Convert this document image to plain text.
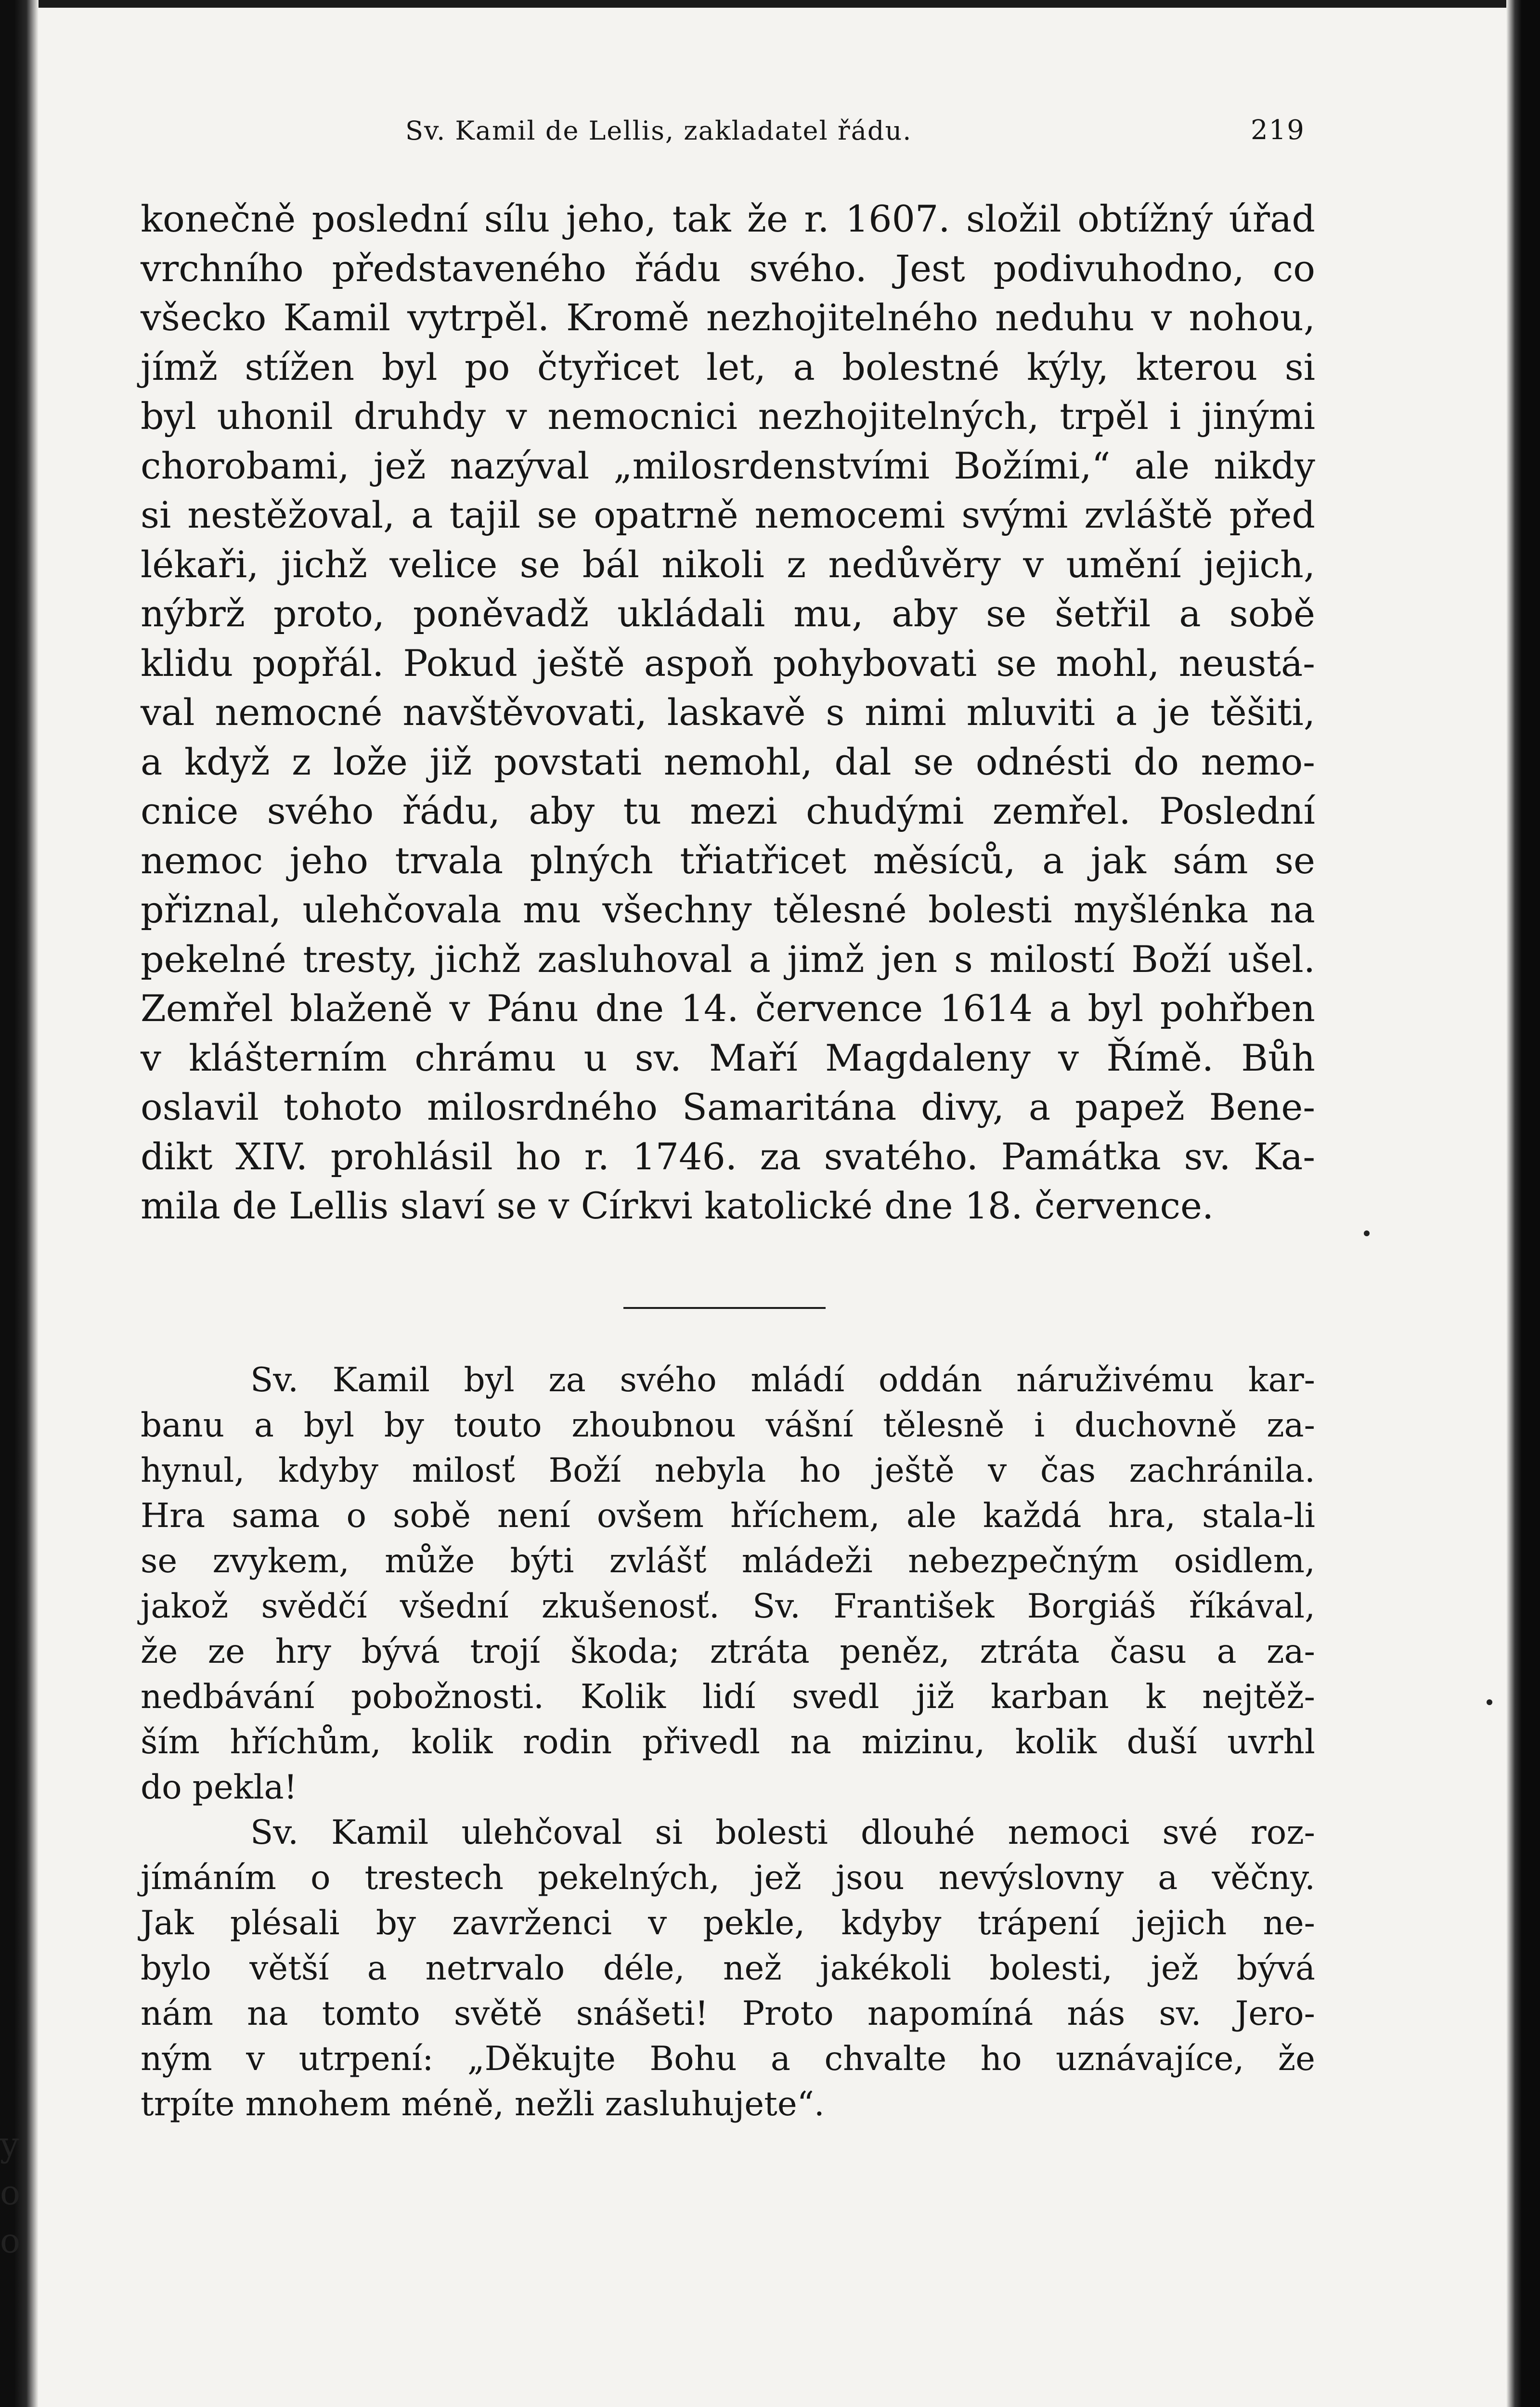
y
o
o
Sv. Kamil de Lellis, zakladatel řádu.	219
konečně poslední sílu jeho, tak že r. 1607. složil obtížný úřad
vrchního představeného řádu svého. Jest podivuhodno, co
všecko Kamil vytrpěl. Kromě nezhojitelného neduhu v nohou,
jímž stížen byl po čtyřicet let, a bolestné kýly, kterou si
byl uhonil druhdy v nemocnici nezhojitelných, trpěl i jinými
chorobami, jež nazýval „milosrdenstvími Božími,“ ale nikdy
si nestěžoval, a tajil se opatrně nemocemi svými zvláště před
lékaři, jichž velice se bál nikoli z nedůvěry v umění jejich,
nýbrž proto, poněvadž ukládali mu, aby se šetřil a sobě
klidu popřál. Pokud ještě aspoň pohybovati se mohl, neustá-
val nemocné navštěvovati, laskavě s nimi mluviti a je těšiti,
a když z lože již povstati nemohl, dal se odnésti do nemo-
cnice svého řádu, aby tu mezi chudými zemřel. Poslední
nemoc jeho trvala plných třiatřicet měsíců, a jak sám se
přiznal, ulehčovala mu všechny tělesné bolesti myšlénka na
pekelné tresty, jichž zasluhoval a jimž jen s milostí Boží ušel.
Zemřel blaženě v Pánu dne 14. července 1614 a byl pohřben
v klášterním chrámu u sv. Maří Magdaleny v Římě. Bůh
oslavil tohoto milosrdného Samaritána divy, a papež Bene-
dikt XIV. prohlásil ho r. 1746. za svatého. Památka sv. Ka-
mila de Lellis slaví se v Církvi katolické dne 18. července.
Sv. Kamil byl za svého mládí oddán náruživému kar-
banu a byl by touto zhoubnou vášní tělesně i duchovně za-
hynul, kdyby milosť Boží nebyla ho ještě v čas zachránila.
Hra sama o sobě není ovšem hříchem, ale každá hra, stala-li
se zvykem, může býti zvlášť mládeži nebezpečným osidlem,
jakož svědčí všední zkušenosť. Sv. František Borgiáš říkával,
že ze hry bývá trojí škoda; ztráta peněz, ztráta času a za-
nedbávání pobožnosti. Kolik lidí svedl již karban k nejtěž-
ším hříchům, kolik rodin přivedl na mizinu, kolik duší uvrhl
do pekla!
Sv. Kamil ulehčoval si bolesti dlouhé nemoci své roz-
jímáním o trestech pekelných, jež jsou nevýslovny a věčny.
Jak plésali by zavrženci v pekle, kdyby trápení jejich ne-
bylo větší a netrvalo déle, než jakékoli bolesti, jež bývá
nám na tomto světě snášeti! Proto napomíná nás sv. Jero-
ným v utrpení: „Děkujte Bohu a chvalte ho uznávajíce, že
trpíte mnohem méně, nežli zasluhujete“.
